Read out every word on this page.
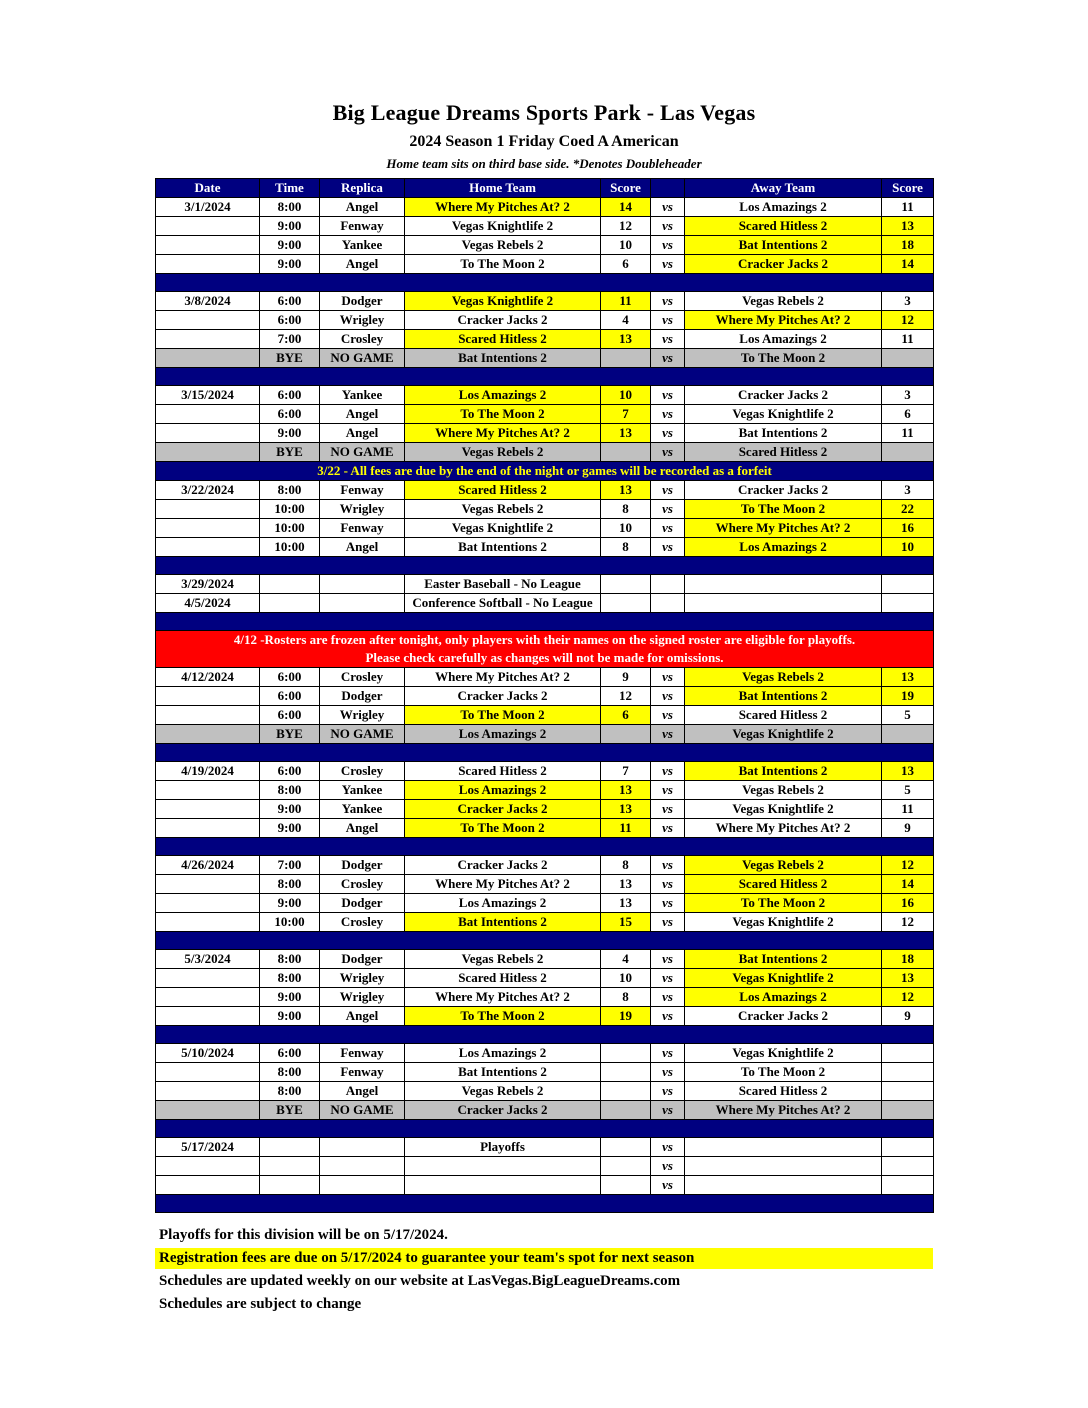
Big League Dreams Sports Park - Las Vegas
2024 Season 1 Friday Coed A American
Home team sits on third base side. *Denotes Doubleheader
Date	Time	Replica	Home Team	Score		Away Team	Score
3/1/2024	8:00	Angel	Where My Pitches At? 2	14	vs	Los Amazings 2	11
	9:00	Fenway	Vegas Knightlife 2	12	vs	Scared Hitless 2	13
	9:00	Yankee	Vegas Rebels 2	10	vs	Bat Intentions 2	18
	9:00	Angel	To The Moon 2	6	vs	Cracker Jacks 2	14

3/8/2024	6:00	Dodger	Vegas Knightlife 2	11	vs	Vegas Rebels 2	3
	6:00	Wrigley	Cracker Jacks 2	4	vs	Where My Pitches At? 2	12
	7:00	Crosley	Scared Hitless 2	13	vs	Los Amazings 2	11
	BYE	NO GAME	Bat Intentions 2		vs	To The Moon 2	

3/15/2024	6:00	Yankee	Los Amazings 2	10	vs	Cracker Jacks 2	3
	6:00	Angel	To The Moon 2	7	vs	Vegas Knightlife 2	6
	9:00	Angel	Where My Pitches At? 2	13	vs	Bat Intentions 2	11
	BYE	NO GAME	Vegas Rebels 2		vs	Scared Hitless 2	
3/22 - All fees are due by the end of the night or games will be recorded as a forfeit							
3/22/2024	8:00	Fenway	Scared Hitless 2	13	vs	Cracker Jacks 2	3
	10:00	Wrigley	Vegas Rebels 2	8	vs	To The Moon 2	22
	10:00	Fenway	Vegas Knightlife 2	10	vs	Where My Pitches At? 2	16
	10:00	Angel	Bat Intentions 2	8	vs	Los Amazings 2	10

3/29/2024			Easter Baseball - No League				
4/5/2024			Conference Softball - No League				

4/12 -Rosters are frozen after tonight, only players with their names on the signed roster are eligible for playoffs.
Please check carefully as changes will not be made for omissions.							

4/12/2024	6:00	Crosley	Where My Pitches At? 2	9	vs	Vegas Rebels 2	13
	6:00	Dodger	Cracker Jacks 2	12	vs	Bat Intentions 2	19
	6:00	Wrigley	To The Moon 2	6	vs	Scared Hitless 2	5
	BYE	NO GAME	Los Amazings 2		vs	Vegas Knightlife 2	

4/19/2024	6:00	Crosley	Scared Hitless 2	7	vs	Bat Intentions 2	13
	8:00	Yankee	Los Amazings 2	13	vs	Vegas Rebels 2	5
	9:00	Yankee	Cracker Jacks 2	13	vs	Vegas Knightlife 2	11
	9:00	Angel	To The Moon 2	11	vs	Where My Pitches At? 2	9

4/26/2024	7:00	Dodger	Cracker Jacks 2	8	vs	Vegas Rebels 2	12
	8:00	Crosley	Where My Pitches At? 2	13	vs	Scared Hitless 2	14
	9:00	Dodger	Los Amazings 2	13	vs	To The Moon 2	16
	10:00	Crosley	Bat Intentions 2	15	vs	Vegas Knightlife 2	12

5/3/2024	8:00	Dodger	Vegas Rebels 2	4	vs	Bat Intentions 2	18
	8:00	Wrigley	Scared Hitless 2	10	vs	Vegas Knightlife 2	13
	9:00	Wrigley	Where My Pitches At? 2	8	vs	Los Amazings 2	12
	9:00	Angel	To The Moon 2	19	vs	Cracker Jacks 2	9

5/10/2024	6:00	Fenway	Los Amazings 2		vs	Vegas Knightlife 2	
	8:00	Fenway	Bat Intentions 2		vs	To The Moon 2	
	8:00	Angel	Vegas Rebels 2		vs	Scared Hitless 2	
	BYE	NO GAME	Cracker Jacks 2		vs	Where My Pitches At? 2	

5/17/2024			Playoffs		vs		
					vs		
					vs		

Playoffs for this division will be on 5/17/2024.
Registration fees are due on 5/17/2024 to guarantee your team's spot for next season
Schedules are updated weekly on our website at LasVegas.BigLeagueDreams.com
Schedules are subject to change
